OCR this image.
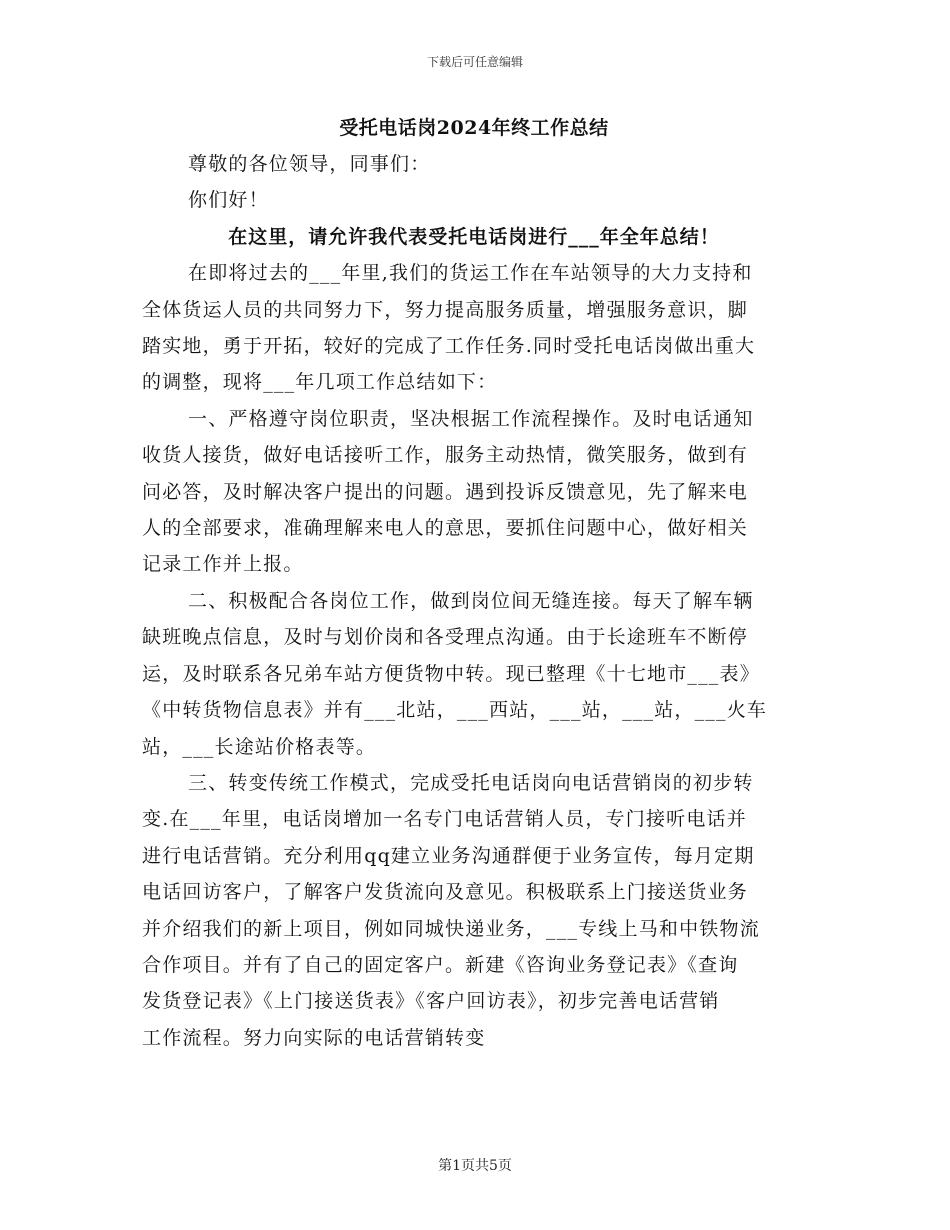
下载后可任意编辑

受托电话岗2024年终工作总结

尊敬的各位领导，同事们：

你们好！

在这里，请允许我代表受托电话岗进行___年全年总结！

在即将过去的___年里,我们的货运工作在车站领导的大力支持和

全体货运人员的共同努力下，努力提高服务质量，增强服务意识，脚

踏实地，勇于开拓，较好的完成了工作任务.同时受托电话岗做出重大

的调整，现将___年几项工作总结如下：

一、严格遵守岗位职责，坚决根据工作流程操作。及时电话通知

收货人接货，做好电话接听工作，服务主动热情，微笑服务，做到有

问必答，及时解决客户提出的问题。遇到投诉反馈意见，先了解来电

人的全部要求，准确理解来电人的意思，要抓住问题中心，做好相关

记录工作并上报。

二、积极配合各岗位工作，做到岗位间无缝连接。每天了解车辆

缺班晚点信息，及时与划价岗和各受理点沟通。由于长途班车不断停

运，及时联系各兄弟车站方便货物中转。现已整理《十七地市___表》

《中转货物信息表》并有___北站，___西站，___站，___站，___火车

站，___长途站价格表等。

三、转变传统工作模式，完成受托电话岗向电话营销岗的初步转

变.在___年里，电话岗增加一名专门电话营销人员，专门接听电话并

进行电话营销。充分利用qq建立业务沟通群便于业务宣传，每月定期

电话回访客户，了解客户发货流向及意见。积极联系上门接送货业务

并介绍我们的新上项目，例如同城快递业务，___专线上马和中铁物流

合作项目。并有了自己的固定客户。新建《咨询业务登记表》《查询

发货登记表》《上门接送货表》《客户回访表》，初步完善电话营销

工作流程。努力向实际的电话营销转变

第1页共5页
